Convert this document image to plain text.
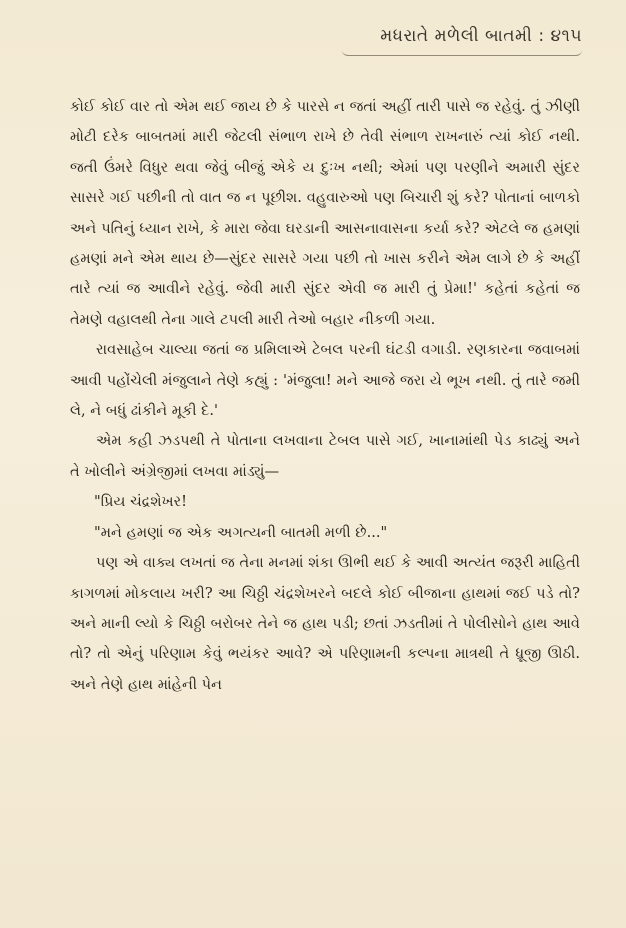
મધરાતે મળેલી બાતમી : ૪૧૫

કોઈ કોઈ વાર તો એમ થઈ જાય છે કે પારસે ન જતાં અહીં તારી પાસે જ રહેવું. તું ઝીણી મોટી દરેક બાબતમાં મારી જેટલી સંભાળ રાખે છે તેવી સંભાળ રાખનારું ત્યાં કોઈ નથી. જતી ઉંમરે વિધુર થવા જેવું બીજું એકે ય દુઃખ નથી; એમાં પણ પરણીને અમારી સુંદર સાસરે ગઈ પછીની તો વાત જ ન પૂછીશ. વહુવારુઓ પણ બિચારી શું કરે? પોતાનાં બાળકો અને પતિનું ધ્યાન રાખે, કે મારા જેવા ઘરડાની આસનાવાસના કર્યા કરે? એટલે જ હમણાં હમણાં મને એમ થાય છે—સુંદર સાસરે ગયા પછી તો ખાસ કરીને એમ લાગે છે કે અહીં તારે ત્યાં જ આવીને રહેવું. જેવી મારી સુંદર એવી જ મારી તું પ્રેમા!' કહેતાં કહેતાં જ તેમણે વહાલથી તેના ગાલે ટપલી મારી તેઓ બહાર નીકળી ગયા.

રાવસાહેબ ચાલ્યા જતાં જ પ્રમિલાએ ટેબલ પરની ઘંટડી વગાડી. રણકારના જવાબમાં આવી પહોંચેલી મંજુલાને તેણે કહ્યું : 'મંજુલા! મને આજે જરા યે ભૂખ નથી. તું તારે જમી લે, ને બધું ઢાંકીને મૂકી દે.'

એમ કહી ઝડપથી તે પોતાના લખવાના ટેબલ પાસે ગઈ, ખાનામાંથી પેડ કાઢ્યું અને તે ખોલીને અંગ્રેજીમાં લખવા માંડ્યું—

"પ્રિય ચંદ્રશેખર!

"મને હમણાં જ એક અગત્યની બાતમી મળી છે..."

પણ એ વાક્ય લખતાં જ તેના મનમાં શંકા ઊભી થઈ કે આવી અત્યંત જરૂરી માહિતી કાગળમાં મોકલાય ખરી? આ ચિઠ્ઠી ચંદ્રશેખરને બદલે કોઈ બીજાના હાથમાં જઈ પડે તો? અને માની લ્યો કે ચિઠ્ઠી બરોબર તેને જ હાથ પડી; છતાં ઝડતીમાં તે પોલીસોને હાથ આવે તો? તો એનું પરિણામ કેવું ભયંકર આવે? એ પરિણામની કલ્પના માત્રથી તે ધ્રૂજી ઊઠી. અને તેણે હાથ માંહેની પેન
